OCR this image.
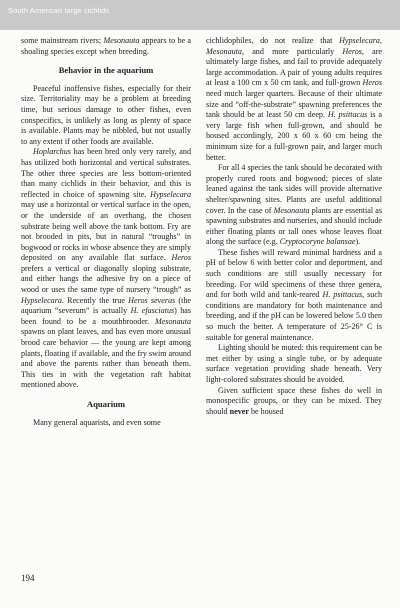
South American large cichlids

some mainstream rivers; Mesonauta appears to be a shoaling species except when breeding.

Behavior in the aquarium

Peaceful inoffensive fishes, especially for their size. Territoriality may be a problem at breeding time, but serious damage to other fishes, even conspecifics, is unlikely as long as plenty of space is available. Plants may be nibbled, but not usually to any extent if other foods are available.

Hoplarchus has been bred only very rarely, and has utilized both horizontal and vertical substrates. The other three species are less bottom-oriented than many cichlids in their behavior, and this is reflected in choice of spawning site. Hypselecara may use a horizontal or vertical surface in the open, or the underside of an overhang, the chosen substrate being well above the tank bottom. Fry are not brooded in pits, but in natural “troughs” in bogwood or rocks in whose absence they are simply deposited on any available flat surface. Heros prefers a vertical or diagonally sloping substrate, and either hangs the adhesive fry on a piece of wood or uses the same type of nursery “trough” as Hypselecara. Recently the true Heros severus (the aquarium “severum” is actually H. efasciatus) has been found to be a mouthbrooder. Mesonauta spawns on plant leaves, and has even more unusual brood care behavior — the young are kept among plants, floating if available, and the fry swim around and above the parents rather than beneath them. This ties in with the vegetation raft habitat mentioned above.

Aquarium

Many general aquarists, and even some

cichlidophiles, do not realize that Hypselecara, Mesonauta, and more particularly Heros, are ultimately large fishes, and fail to provide adequately large accommodation. A pair of young adults requires at least a 100 cm x 50 cm tank, and full-grown Heros need much larger quarters. Because of their ultimate size and “off-the-substrate” spawning preferences the tank should be at least 50 cm deep. H. psittacus is a very large fish when full-grown, and should be housed accordingly, 200 x 60 x 60 cm being the minimum size for a full-grown pair, and larger much better.

For all 4 species the tank should be decorated with properly cured roots and bogwood; pieces of slate leaned against the tank sides will provide alternative shelter/spawning sites. Plants are useful additional cover. In the case of Mesonauta plants are essential as spawning substrates and nurseries, and should include either floating plants or tall ones whose leaves float along the surface (e.g. Cryptocoryne balansae).

These fishes will reward minimal hardness and a pH of below 6 with better color and deportment, and such conditions are still usually necessary for breeding. For wild specimens of these three genera, and for both wild and tank-reared H. psittacus, such conditions are mandatory for both maintenance and breeding, and if the pH can be lowered below 5.0 then so much the better. A temperature of 25-26° C is suitable for general maintenance.

Lighting should be muted: this requirement can be met either by using a single tube, or by adequate surface vegetation providing shade beneath. Very light-colored substrates should be avoided.

Given sufficient space these fishes do well in monospecific groups, or they can be mixed. They should never be housed

194
